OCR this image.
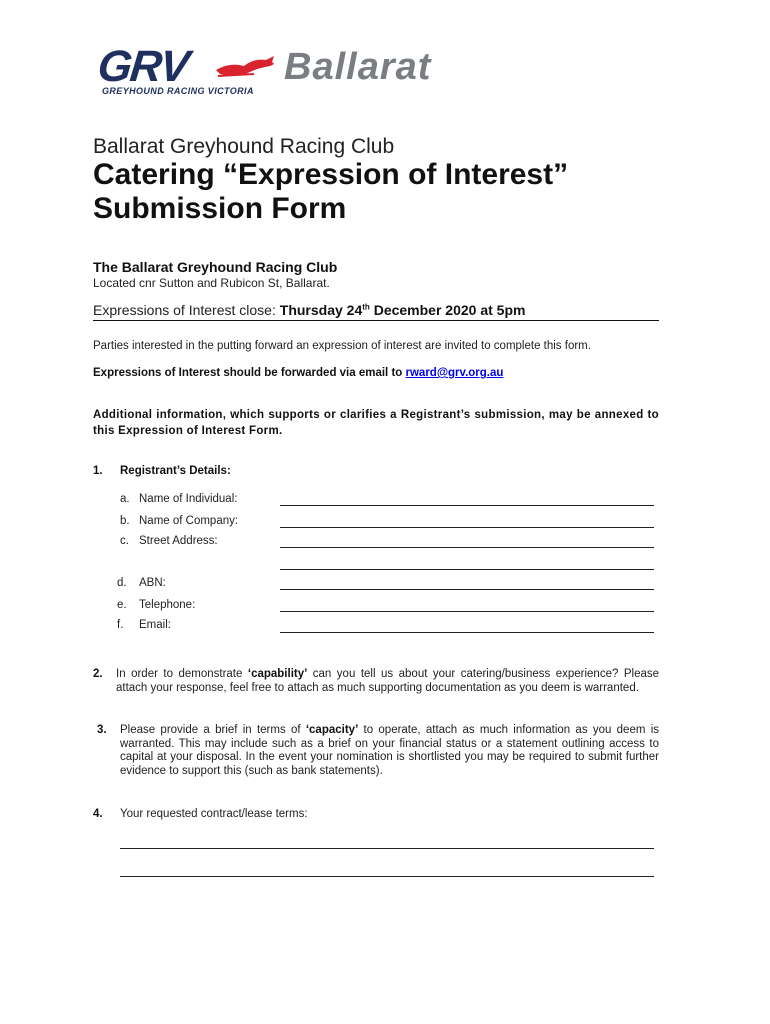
GRV Ballarat
GREYHOUND RACING VICTORIA
Ballarat Greyhound Racing Club
Catering “Expression of Interest”
Submission Form
The Ballarat Greyhound Racing Club
Located cnr Sutton and Rubicon St, Ballarat.
Expressions of Interest close: Thursday 24th December 2020 at 5pm
Parties interested in the putting forward an expression of interest are invited to complete this form.
Expressions of Interest should be forwarded via email to rward@grv.org.au
Additional information, which supports or clarifies a Registrant’s submission, may be annexed to this Expression of Interest Form.
1. Registrant’s Details:
a. Name of Individual:
b. Name of Company:
c. Street Address:
d. ABN:
e. Telephone:
f. Email:
2. In order to demonstrate ‘capability’ can you tell us about your catering/business experience? Please attach your response, feel free to attach as much supporting documentation as you deem is warranted.
3. Please provide a brief in terms of ‘capacity’ to operate, attach as much information as you deem is warranted. This may include such as a brief on your financial status or a statement outlining access to capital at your disposal. In the event your nomination is shortlisted you may be required to submit further evidence to support this (such as bank statements).
4. Your requested contract/lease terms:
